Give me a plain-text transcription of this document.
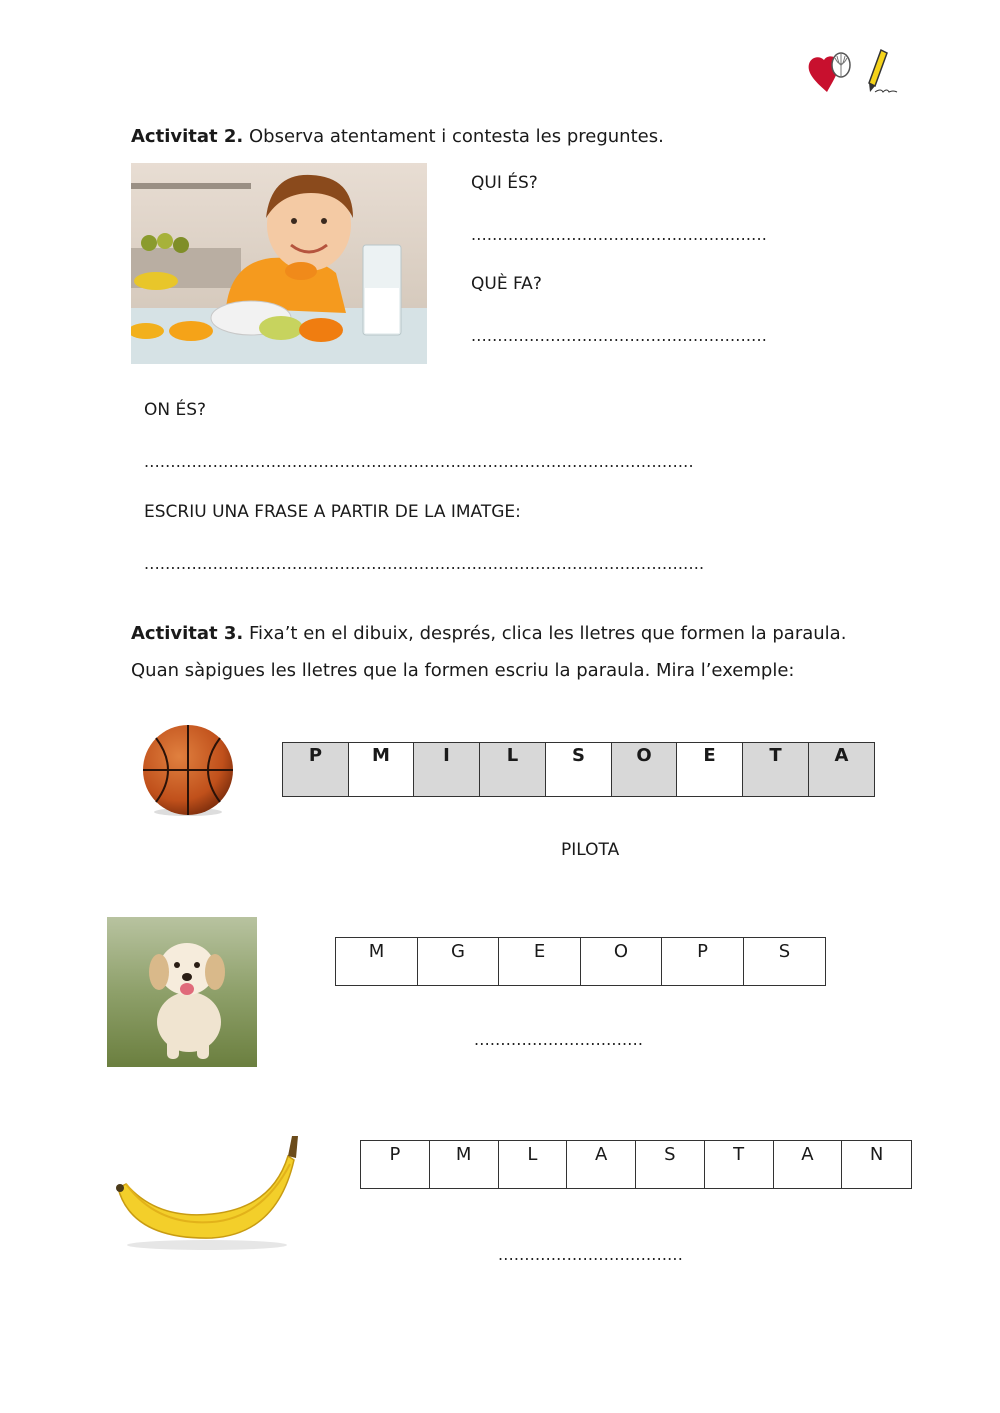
Activitat 2. Observa atentament i contesta les preguntes.
QUI ÉS?
........................................................
QUÈ FA?
........................................................
ON ÉS?
........................................................................................................
ESCRIU UNA FRASE A PARTIR DE LA IMATGE:
..........................................................................................................
Activitat 3. Fixa’t en el dibuix, després, clica les lletres que formen la paraula.
Quan sàpigues les lletres que la formen escriu la paraula. Mira l’exemple:
P	M	I	L	S	O	E	T	A
PILOTA
M	G	E	O	P	S
................................
P	M	L	A	S	T	A	N
...................................
